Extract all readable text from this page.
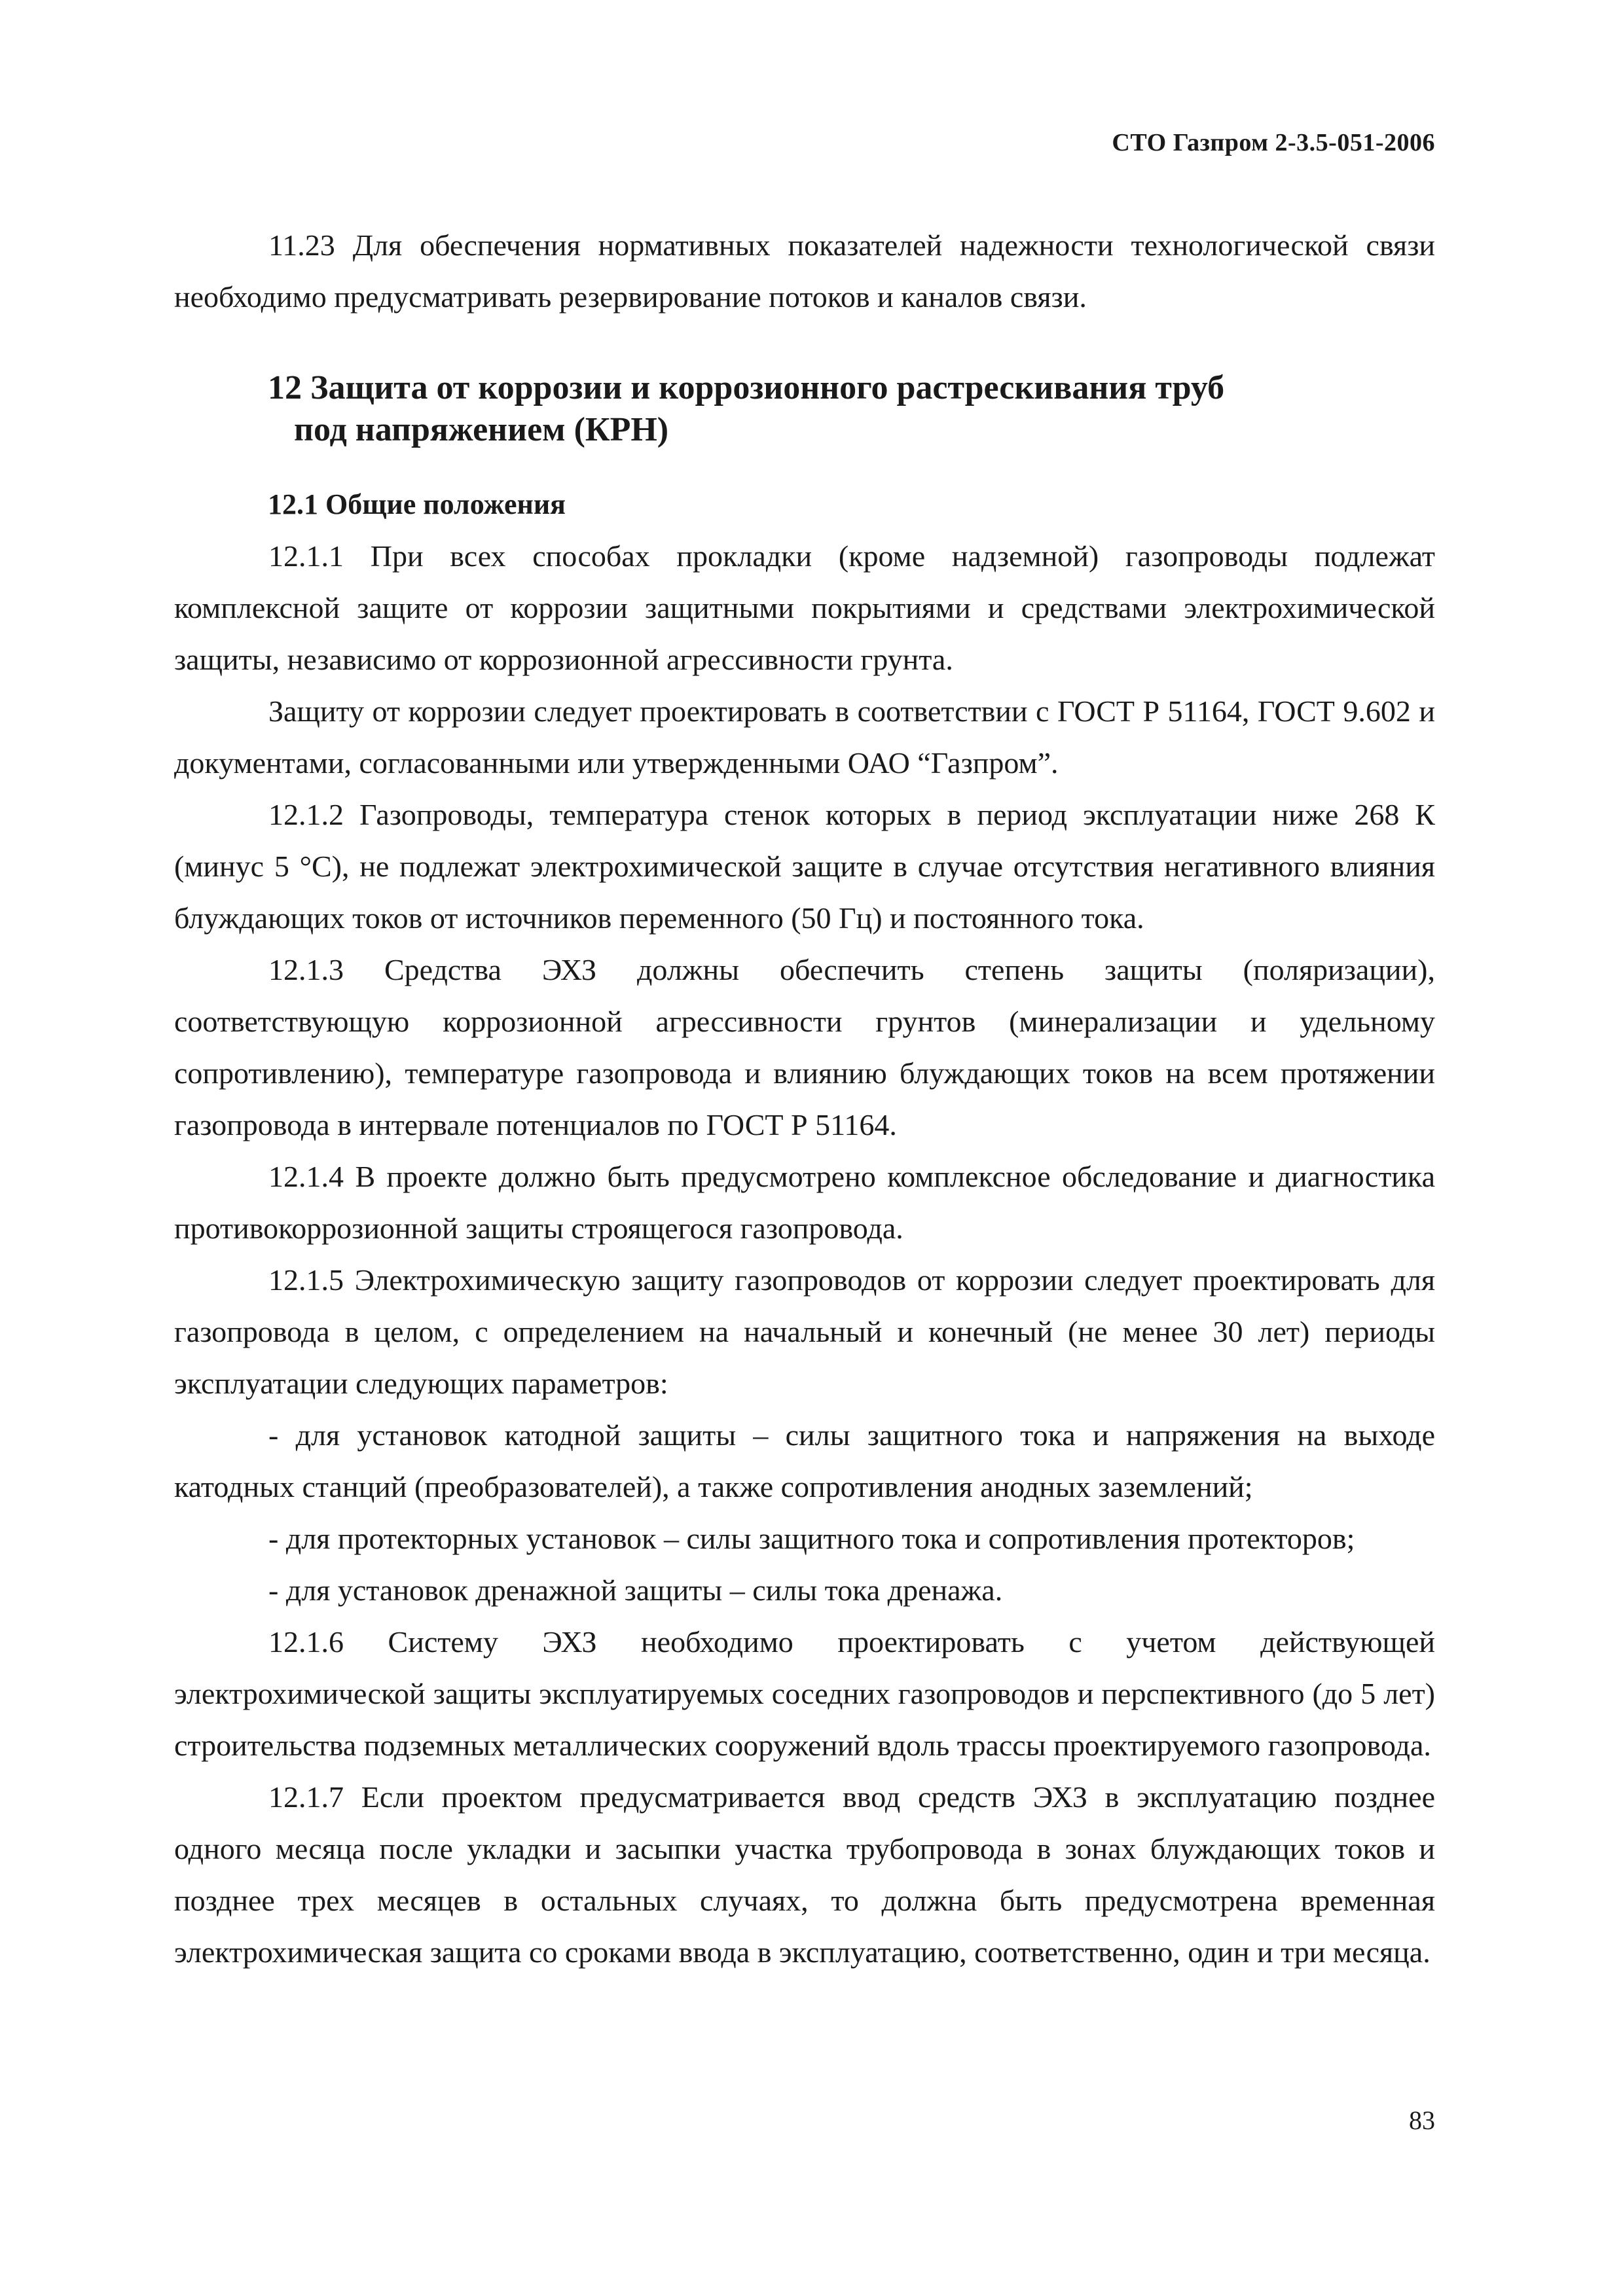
СТО Газпром 2-3.5-051-2006

11.23 Для обеспечения нормативных показателей надежности технологической связи необходимо предусматривать резервирование потоков и каналов связи.

12 Защита от коррозии и коррозионного растрескивания труб
под напряжением (КРН)

12.1 Общие положения

12.1.1 При всех способах прокладки (кроме надземной) газопроводы подлежат комплексной защите от коррозии защитными покрытиями и средствами электрохимической защиты, независимо от коррозионной агрессивности грунта.

Защиту от коррозии следует проектировать в соответствии с ГОСТ Р 51164, ГОСТ 9.602 и документами, согласованными или утвержденными ОАО “Газпром”.

12.1.2 Газопроводы, температура стенок которых в период эксплуатации ниже 268 К (минус 5 °С), не подлежат электрохимической защите в случае отсутствия негативного влияния блуждающих токов от источников переменного (50 Гц) и постоянного тока.

12.1.3 Средства ЭХЗ должны обеспечить степень защиты (поляризации), соответствующую коррозионной агрессивности грунтов (минерализации и удельному сопротивлению), температуре газопровода и влиянию блуждающих токов на всем протяжении газопровода в интервале потенциалов по ГОСТ Р 51164.

12.1.4 В проекте должно быть предусмотрено комплексное обследование и диагностика противокоррозионной защиты строящегося газопровода.

12.1.5 Электрохимическую защиту газопроводов от коррозии следует проектировать для газопровода в целом, с определением на начальный и конечный (не менее 30 лет) периоды эксплуатации следующих параметров:

- для установок катодной защиты – силы защитного тока и напряжения на выходе катодных станций (преобразователей), а также сопротивления анодных заземлений;

- для протекторных установок – силы защитного тока и сопротивления протекторов;

- для установок дренажной защиты – силы тока дренажа.

12.1.6 Систему ЭХЗ необходимо проектировать с учетом действующей электрохимической защиты эксплуатируемых соседних газопроводов и перспективного (до 5 лет) строительства подземных металлических сооружений вдоль трассы проектируемого газопровода.

12.1.7 Если проектом предусматривается ввод средств ЭХЗ в эксплуатацию позднее одного месяца после укладки и засыпки участка трубопровода в зонах блуждающих токов и позднее трех месяцев в остальных случаях, то должна быть предусмотрена временная электрохимическая защита со сроками ввода в эксплуатацию, соответственно, один и три месяца.

83
